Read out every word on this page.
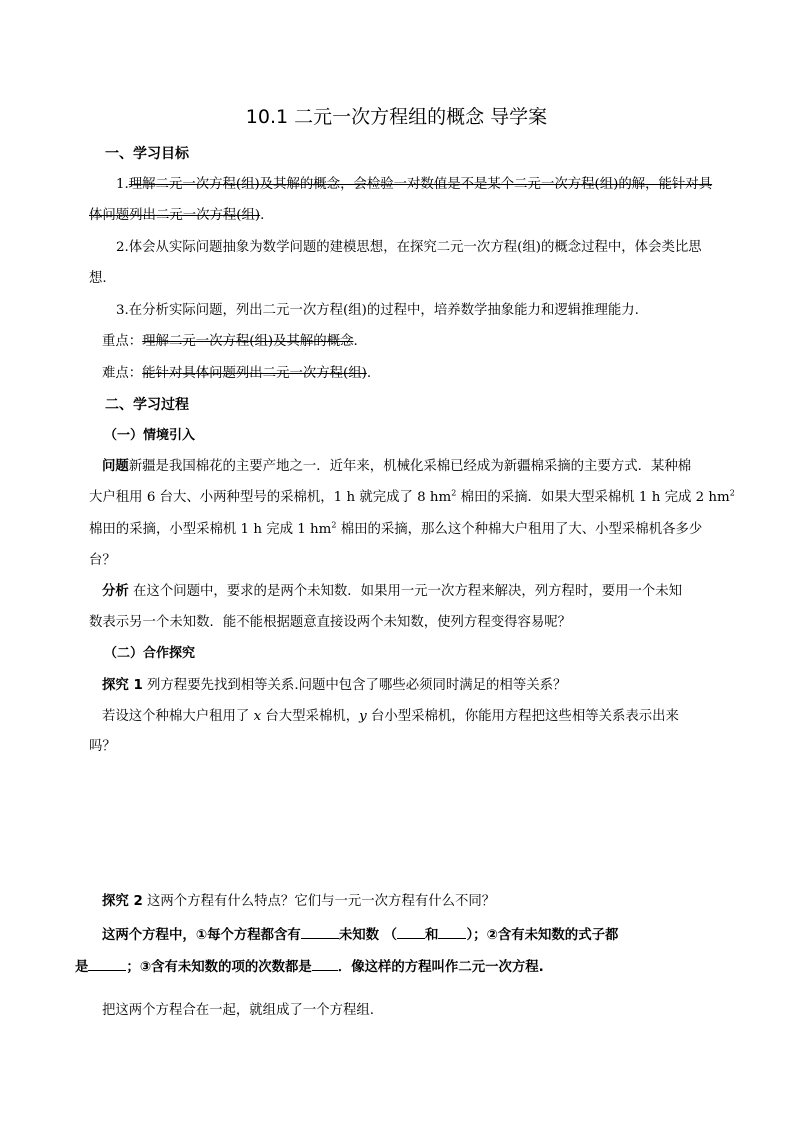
10.1 二元一次方程组的概念 导学案
一、学习目标
1.理解二元一次方程(组)及其解的概念，会检验一对数值是不是某个二元一次方程(组)的解，能针对具
体问题列出二元一次方程(组).
2.体会从实际问题抽象为数学问题的建模思想，在探究二元一次方程(组)的概念过程中，体会类比思
想.
3.在分析实际问题，列出二元一次方程(组)的过程中，培养数学抽象能力和逻辑推理能力.
重点：理解二元一次方程(组)及其解的概念.
难点：能针对具体问题列出二元一次方程(组).
二、学习过程
（一）情境引入
问题新疆是我国棉花的主要产地之一．近年来，机械化采棉已经成为新疆棉采摘的主要方式．某种棉
大户租用 6 台大、小两种型号的采棉机，1 h 就完成了 8 $hm^2$ 棉田的采摘．如果大型采棉机 1 h 完成 2 $hm^2$
棉田的采摘，小型采棉机 1 h 完成 1 $hm^2$ 棉田的采摘，那么这个种棉大户租用了大、小型采棉机各多少
台？
分析 在这个问题中，要求的是两个未知数．如果用一元一次方程来解决，列方程时，要用一个未知
数表示另一个未知数．能不能根据题意直接设两个未知数，使列方程变得容易呢？
（二）合作探究
探究 1 列方程要先找到相等关系.问题中包含了哪些必须同时满足的相等关系？
若设这个种棉大户租用了 x 台大型采棉机，y 台小型采棉机，你能用方程把这些相等关系表示出来
吗？
探究 2 这两个方程有什么特点？它们与一元一次方程有什么不同？
这两个方程中，①每个方程都含有	未知数 （ 和 ）；②含有未知数的式子都
是	；③含有未知数的项的次数都是 ．像这样的方程叫作二元一次方程.
把这两个方程合在一起，就组成了一个方程组.
